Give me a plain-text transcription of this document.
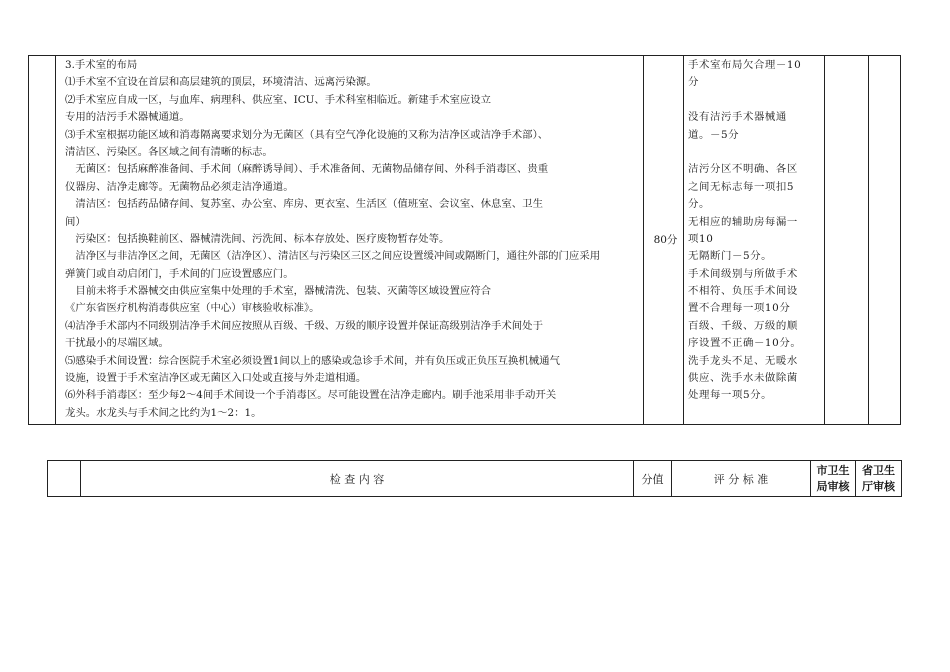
3.手术室的布局
⑴手术室不宜设在首层和高层建筑的顶层，环境清洁、远离污染源。
⑵手术室应自成一区，与血库、病理科、供应室、ICU、手术科室相临近。新建手术室应设立
专用的洁污手术器械通道。
⑶手术室根据功能区域和消毒隔离要求划分为无菌区（具有空气净化设施的又称为洁净区或洁净手术部）、
清洁区、污染区。各区域之间有清晰的标志。
　无菌区：包括麻醉准备间、手术间（麻醉诱导间）、手术准备间、无菌物品储存间、外科手消毒区、贵重
仪器房、洁净走廊等。无菌物品必须走洁净通道。
　清洁区：包括药品储存间、复苏室、办公室、库房、更衣室、生活区（值班室、会议室、休息室、卫生
间）
　污染区：包括换鞋前区、器械清洗间、污洗间、标本存放处、医疗废物暂存处等。
　洁净区与非洁净区之间，无菌区（洁净区）、清洁区与污染区三区之间应设置缓冲间或隔断门，通往外部的门应采用
弹簧门或自动启闭门，手术间的门应设置感应门。
　目前未将手术器械交由供应室集中处理的手术室，器械清洗、包装、灭菌等区域设置应符合
《广东省医疗机构消毒供应室（中心）审核验收标准》。
⑷洁净手术部内不同级别洁净手术间应按照从百级、千级、万级的顺序设置并保证高级别洁净手术间处于
干扰最小的尽端区域。
⑸感染手术间设置：综合医院手术室必须设置1间以上的感染或急诊手术间，并有负压或正负压互换机械通气
设施，设置于手术室洁净区或无菌区入口处或直接与外走道相通。
⑹外科手消毒区：至少每2～4间手术间设一个手消毒区。尽可能设置在洁净走廊内。刷手池采用非手动开关
龙头。水龙头与手术间之比约为1～2：1。
80分
手术室布局欠合理－10
分
没有洁污手术器械通
道。－5分
洁污分区不明确、各区
之间无标志每一项扣5
分。
无相应的辅助房每漏一
项10
无隔断门－5分。
手术间级别与所做手术
不相符、负压手术间设
置不合理每一项10分
百级、千级、万级的顺
序设置不正确－10分。
洗手龙头不足、无暖水
供应、洗手水未做除菌
处理每一项5分。
检 查 内 容	分值	评 分 标 准
市卫生
局审核
省卫生
厅审核
